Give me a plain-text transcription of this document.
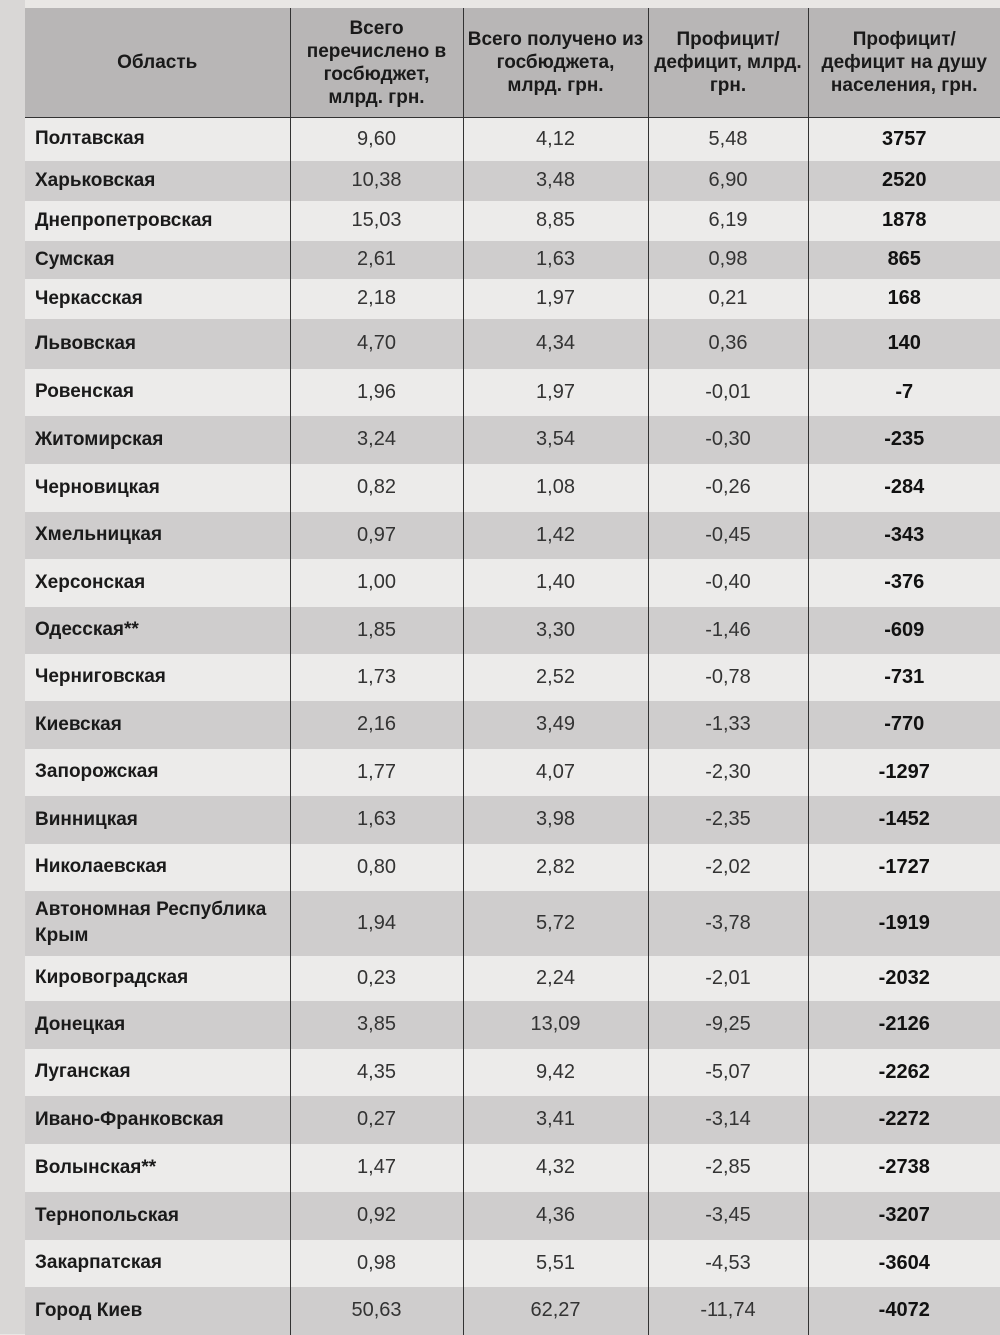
Область	Всего перечислено в госбюджет, млрд. грн.	Всего получено из госбюджета, млрд. грн.	Профицит/ дефицит, млрд. грн.	Профицит/ дефицит на душу населения, грн.
Полтавская	9,60	4,12	5,48	3757
Харьковская	10,38	3,48	6,90	2520
Днепропетровская	15,03	8,85	6,19	1878
Сумская	2,61	1,63	0,98	865
Черкасская	2,18	1,97	0,21	168
Львовская	4,70	4,34	0,36	140
Ровенская	1,96	1,97	-0,01	-7
Житомирская	3,24	3,54	-0,30	-235
Черновицкая	0,82	1,08	-0,26	-284
Хмельницкая	0,97	1,42	-0,45	-343
Херсонская	1,00	1,40	-0,40	-376
Одесская**	1,85	3,30	-1,46	-609
Черниговская	1,73	2,52	-0,78	-731
Киевская	2,16	3,49	-1,33	-770
Запорожская	1,77	4,07	-2,30	-1297
Винницкая	1,63	3,98	-2,35	-1452
Николаевская	0,80	2,82	-2,02	-1727
Автономная Республика Крым	1,94	5,72	-3,78	-1919
Кировоградская	0,23	2,24	-2,01	-2032
Донецкая	3,85	13,09	-9,25	-2126
Луганская	4,35	9,42	-5,07	-2262
Ивано-Франковская	0,27	3,41	-3,14	-2272
Волынская**	1,47	4,32	-2,85	-2738
Тернопольская	0,92	4,36	-3,45	-3207
Закарпатская	0,98	5,51	-4,53	-3604
Город Киев	50,63	62,27	-11,74	-4072
